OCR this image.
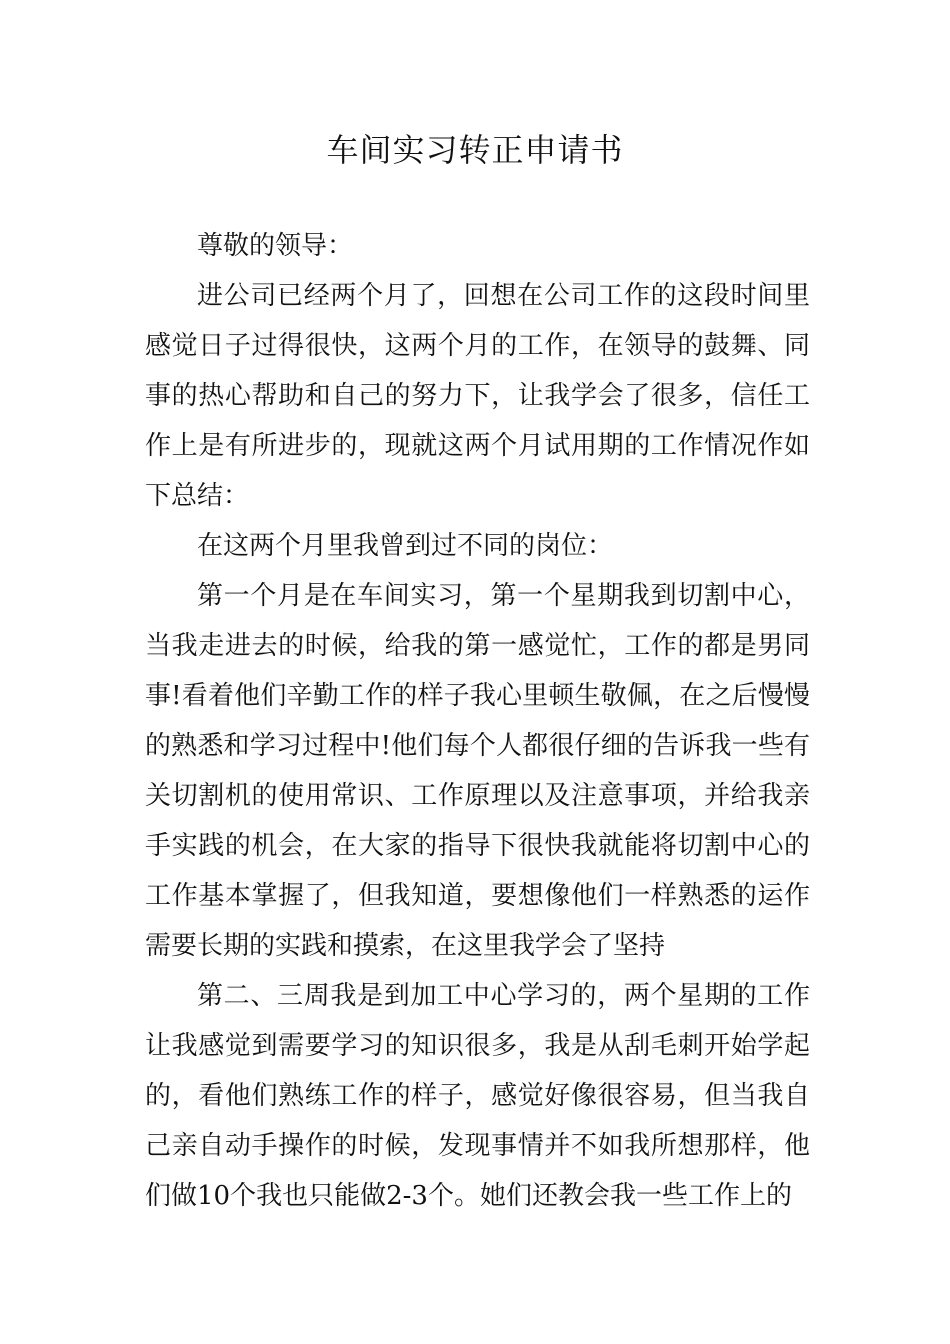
车间实习转正申请书

尊敬的领导：

进公司已经两个月了，回想在公司工作的这段时间里感觉日子过得很快，这两个月的工作，在领导的鼓舞、同事的热心帮助和自己的努力下，让我学会了很多，信任工作上是有所进步的，现就这两个月试用期的工作情况作如下总结：

在这两个月里我曾到过不同的岗位：

第一个月是在车间实习，第一个星期我到切割中心，当我走进去的时候，给我的第一感觉忙，工作的都是男同事!看着他们辛勤工作的样子我心里顿生敬佩，在之后慢慢的熟悉和学习过程中!他们每个人都很仔细的告诉我一些有关切割机的使用常识、工作原理以及注意事项，并给我亲手实践的机会，在大家的指导下很快我就能将切割中心的工作基本掌握了，但我知道，要想像他们一样熟悉的运作需要长期的实践和摸索，在这里我学会了坚持

第二、三周我是到加工中心学习的，两个星期的工作让我感觉到需要学习的知识很多，我是从刮毛刺开始学起的，看他们熟练工作的样子，感觉好像很容易，但当我自己亲自动手操作的时候，发现事情并不如我所想那样，他们做10个我也只能做2-3个。她们还教会我一些工作上的
